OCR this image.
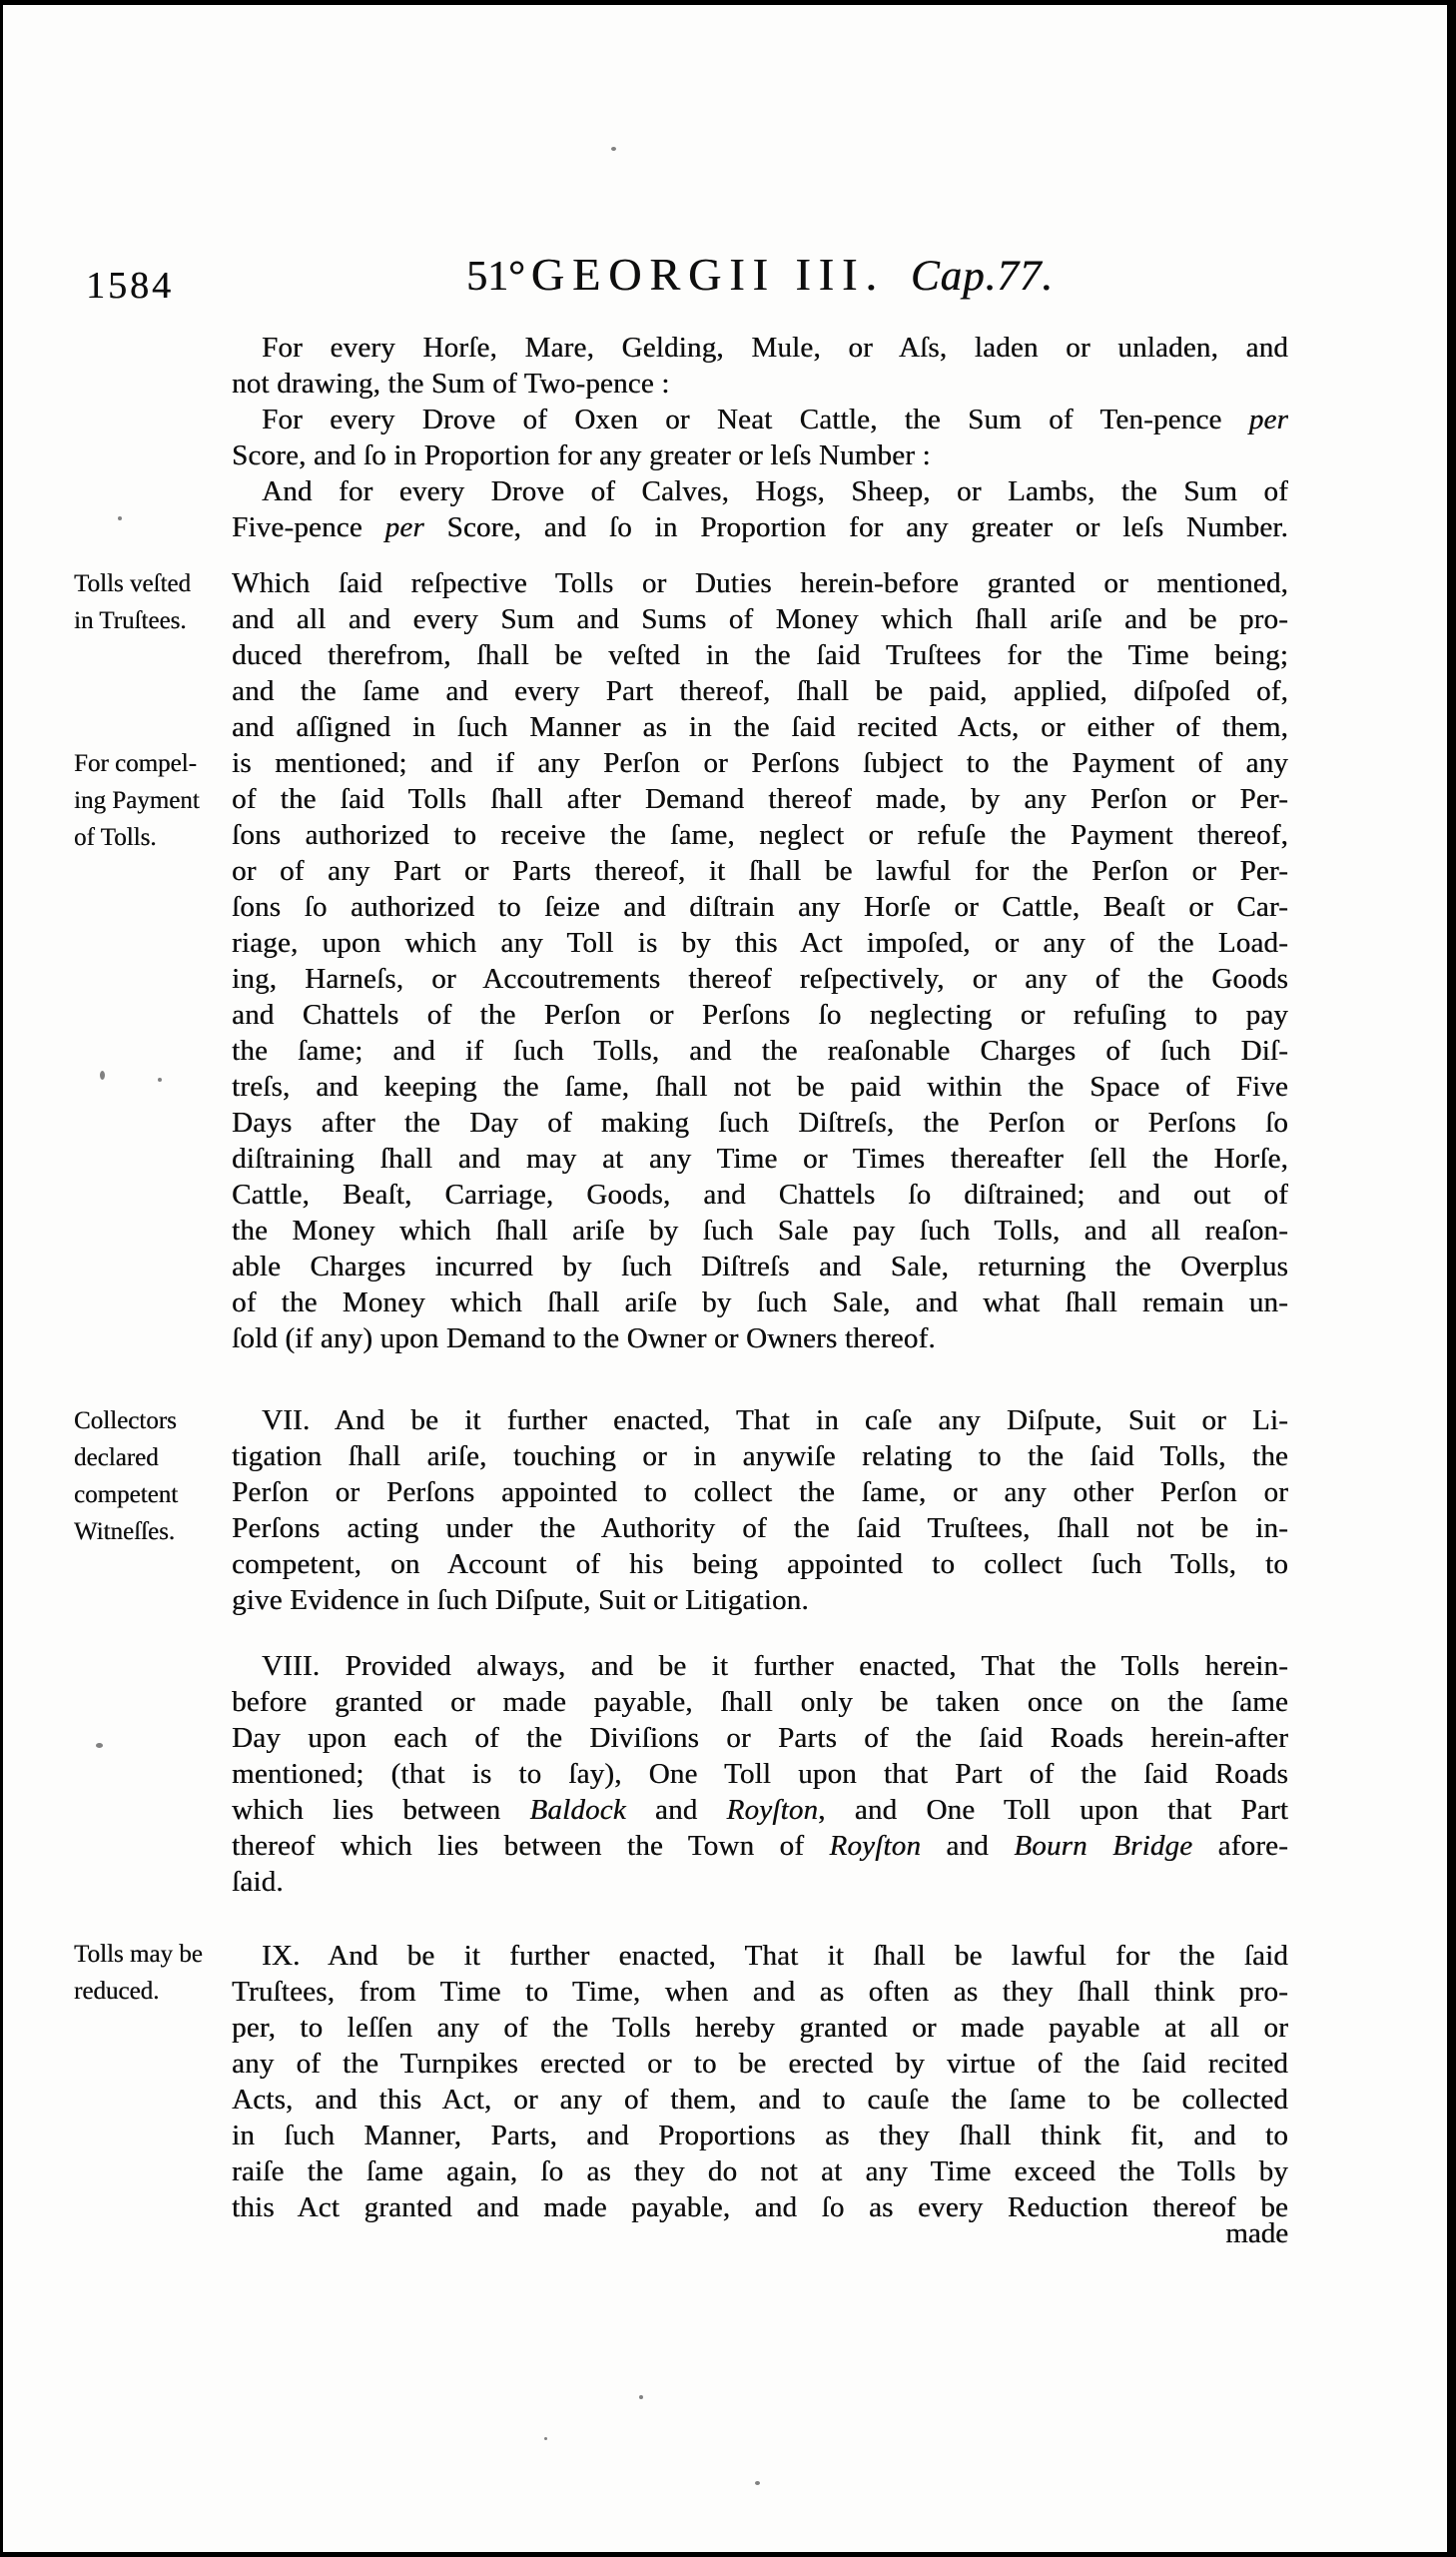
1584	51° GEORGII III. Cap.77.
Tolls veſted
in Truſtees.
For compel-
ing Payment
of Tolls.
Collectors
declared
competent
Witneſſes.
Tolls may be
reduced.
For every Horſe, Mare, Gelding, Mule, or Aſs, laden or unladen, and
not drawing, the Sum of Two-pence :
For every Drove of Oxen or Neat Cattle, the Sum of Ten-pence per
Score, and ſo in Proportion for any greater or leſs Number :
And for every Drove of Calves, Hogs, Sheep, or Lambs, the Sum of
Five-pence per Score, and ſo in Proportion for any greater or leſs Number.
Which ſaid reſpective Tolls or Duties herein-before granted or mentioned,
and all and every Sum and Sums of Money which ſhall ariſe and be pro-
duced therefrom, ſhall be veſted in the ſaid Truſtees for the Time being;
and the ſame and every Part thereof, ſhall be paid, applied, diſpoſed of,
and aſſigned in ſuch Manner as in the ſaid recited Acts, or either of them,
is mentioned; and if any Perſon or Perſons ſubject to the Payment of any
of the ſaid Tolls ſhall after Demand thereof made, by any Perſon or Per-
ſons authorized to receive the ſame, neglect or refuſe the Payment thereof,
or of any Part or Parts thereof, it ſhall be lawful for the Perſon or Per-
ſons ſo authorized to ſeize and diſtrain any Horſe or Cattle, Beaſt or Car-
riage, upon which any Toll is by this Act impoſed, or any of the Load-
ing, Harneſs, or Accoutrements thereof reſpectively, or any of the Goods
and Chattels of the Perſon or Perſons ſo neglecting or refuſing to pay
the ſame; and if ſuch Tolls, and the reaſonable Charges of ſuch Diſ-
treſs, and keeping the ſame, ſhall not be paid within the Space of Five
Days after the Day of making ſuch Diſtreſs, the Perſon or Perſons ſo
diſtraining ſhall and may at any Time or Times thereafter ſell the Horſe,
Cattle, Beaſt, Carriage, Goods, and Chattels ſo diſtrained; and out of
the Money which ſhall ariſe by ſuch Sale pay ſuch Tolls, and all reaſon-
able Charges incurred by ſuch Diſtreſs and Sale, returning the Overplus
of the Money which ſhall ariſe by ſuch Sale, and what ſhall remain un-
ſold (if any) upon Demand to the Owner or Owners thereof.
VII. And be it further enacted, That in caſe any Diſpute, Suit or Li-
tigation ſhall ariſe, touching or in anywiſe relating to the ſaid Tolls, the
Perſon or Perſons appointed to collect the ſame, or any other Perſon or
Perſons acting under the Authority of the ſaid Truſtees, ſhall not be in-
competent, on Account of his being appointed to collect ſuch Tolls, to
give Evidence in ſuch Diſpute, Suit or Litigation.
VIII. Provided always, and be it further enacted, That the Tolls herein-
before granted or made payable, ſhall only be taken once on the ſame
Day upon each of the Diviſions or Parts of the ſaid Roads herein-after
mentioned; (that is to ſay), One Toll upon that Part of the ſaid Roads
which lies between Baldock and Royſton, and One Toll upon that Part
thereof which lies between the Town of Royſton and Bourn Bridge afore-
ſaid.
IX. And be it further enacted, That it ſhall be lawful for the ſaid
Truſtees, from Time to Time, when and as often as they ſhall think pro-
per, to leſſen any of the Tolls hereby granted or made payable at all or
any of the Turnpikes erected or to be erected by virtue of the ſaid recited
Acts, and this Act, or any of them, and to cauſe the ſame to be collected
in ſuch Manner, Parts, and Proportions as they ſhall think fit, and to
raiſe the ſame again, ſo as they do not at any Time exceed the Tolls by
this Act granted and made payable, and ſo as every Reduction thereof be
made
